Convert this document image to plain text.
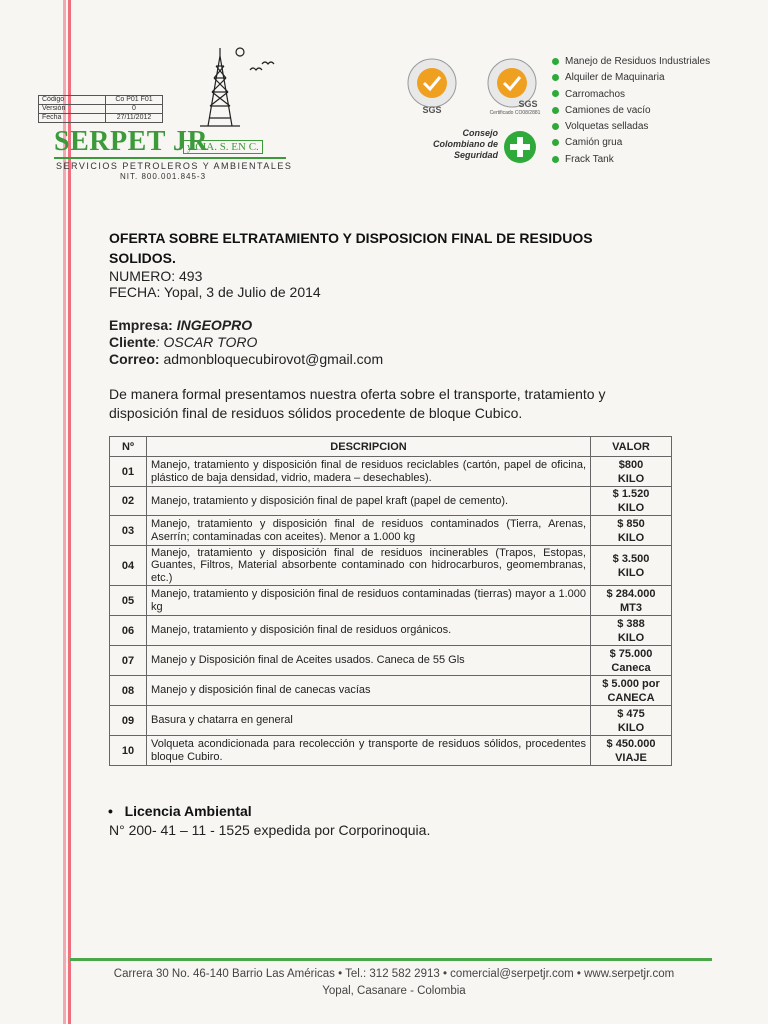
Código	Co P01 F01
Versión	0
Fecha	27/11/2012
SERPET JR
y CIA. S. EN C.
SERVICIOS PETROLEROS Y AMBIENTALES
NIT. 800.001.845-3
SGS
SGS
Certificado CO08/2881
Consejo
Colombiano de
Seguridad
Manejo de Residuos Industriales
Alquiler de Maquinaria
Carromachos
Camiones de vacío
Volquetas selladas
Camión grua
Frack Tank
OFERTA SOBRE ELTRATAMIENTO Y DISPOSICION FINAL DE RESIDUOS SOLIDOS.
NUMERO: 493
FECHA: Yopal, 3 de Julio de 2014
Empresa: INGEOPRO
Cliente: OSCAR TORO
Correo: admonbloquecubirovot@gmail.com
De manera formal presentamos nuestra oferta sobre el transporte, tratamiento y disposición final de residuos sólidos procedente de bloque Cubico.
Nº	DESCRIPCION	VALOR
01	Manejo, tratamiento y disposición final de residuos reciclables (cartón, papel de oficina, plástico de baja densidad, vidrio, madera – desechables).	$800
KILO

02	Manejo, tratamiento y disposición final de papel kraft (papel de cemento).	$ 1.520
KILO

03	Manejo, tratamiento y disposición final de residuos contaminados (Tierra, Arenas, Aserrín; contaminadas con aceites). Menor a 1.000 kg	$ 850
KILO

04	Manejo, tratamiento y disposición final de residuos incinerables (Trapos, Estopas, Guantes, Filtros, Material absorbente contaminado con hidrocarburos, geomembranas, etc.)	$ 3.500
KILO

05	Manejo, tratamiento y disposición final de residuos contaminadas (tierras) mayor a 1.000 kg	$ 284.000
MT3

06	Manejo, tratamiento y disposición final de residuos orgánicos.	$ 388
KILO

07	Manejo y Disposición final de Aceites usados. Caneca de 55 Gls	$ 75.000
Caneca

08	Manejo y disposición final de canecas vacías	$ 5.000 por
CANECA

09	Basura y chatarra en general	$ 475
KILO

10	Volqueta acondicionada para recolección y transporte de residuos sólidos, procedentes bloque Cubiro.	$ 450.000
VIAJE
•   Licencia Ambiental
N° 200- 41 – 11 - 1525 expedida por Corporinoquia.
Carrera 30 No. 46-140 Barrio Las Américas • Tel.: 312 582 2913 • comercial@serpetjr.com • www.serpetjr.com
Yopal, Casanare - Colombia
